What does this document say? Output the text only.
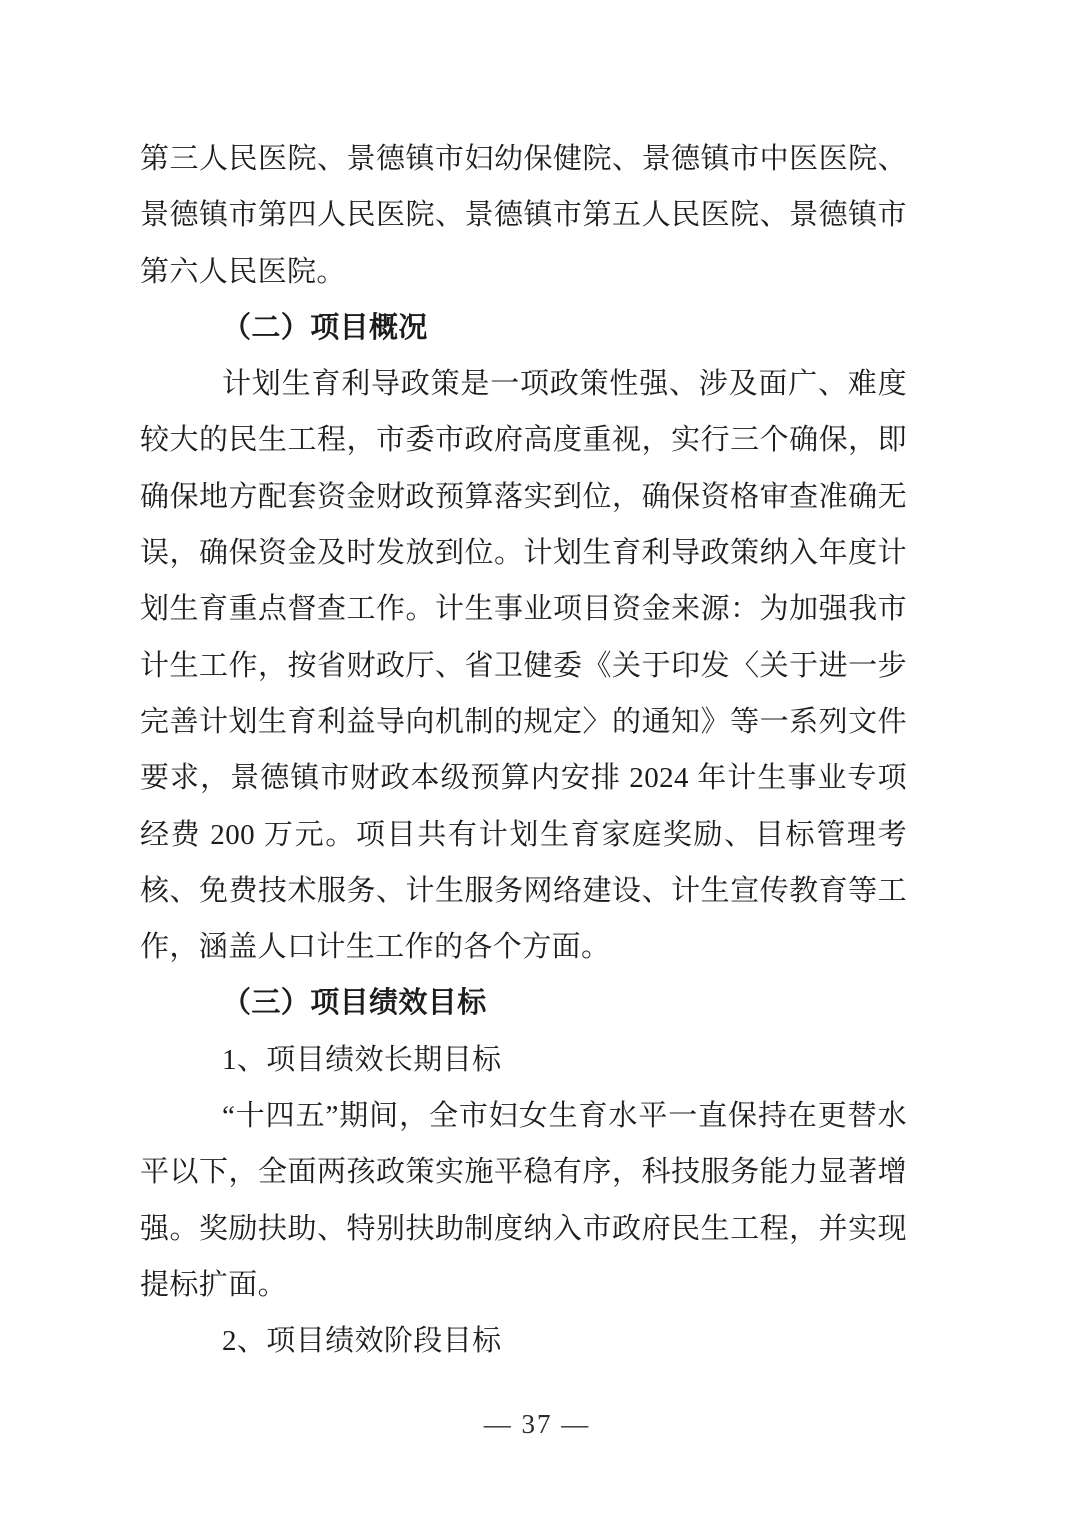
第三人民医院、景德镇市妇幼保健院、景德镇市中医医院、景德镇市第四人民医院、景德镇市第五人民医院、景德镇市第六人民医院。

（二）项目概况

计划生育利导政策是一项政策性强、涉及面广、难度较大的民生工程，市委市政府高度重视，实行三个确保，即确保地方配套资金财政预算落实到位，确保资格审查准确无误，确保资金及时发放到位。计划生育利导政策纳入年度计划生育重点督查工作。计生事业项目资金来源：为加强我市计生工作，按省财政厅、省卫健委《关于印发〈关于进一步完善计划生育利益导向机制的规定〉的通知》等一系列文件要求，景德镇市财政本级预算内安排 2024 年计生事业专项经费 200 万元。项目共有计划生育家庭奖励、目标管理考核、免费技术服务、计生服务网络建设、计生宣传教育等工作，涵盖人口计生工作的各个方面。

（三）项目绩效目标

1、项目绩效长期目标

“十四五”期间，全市妇女生育水平一直保持在更替水平以下，全面两孩政策实施平稳有序，科技服务能力显著增强。奖励扶助、特别扶助制度纳入市政府民生工程，并实现提标扩面。

2、项目绩效阶段目标

— 37 —
